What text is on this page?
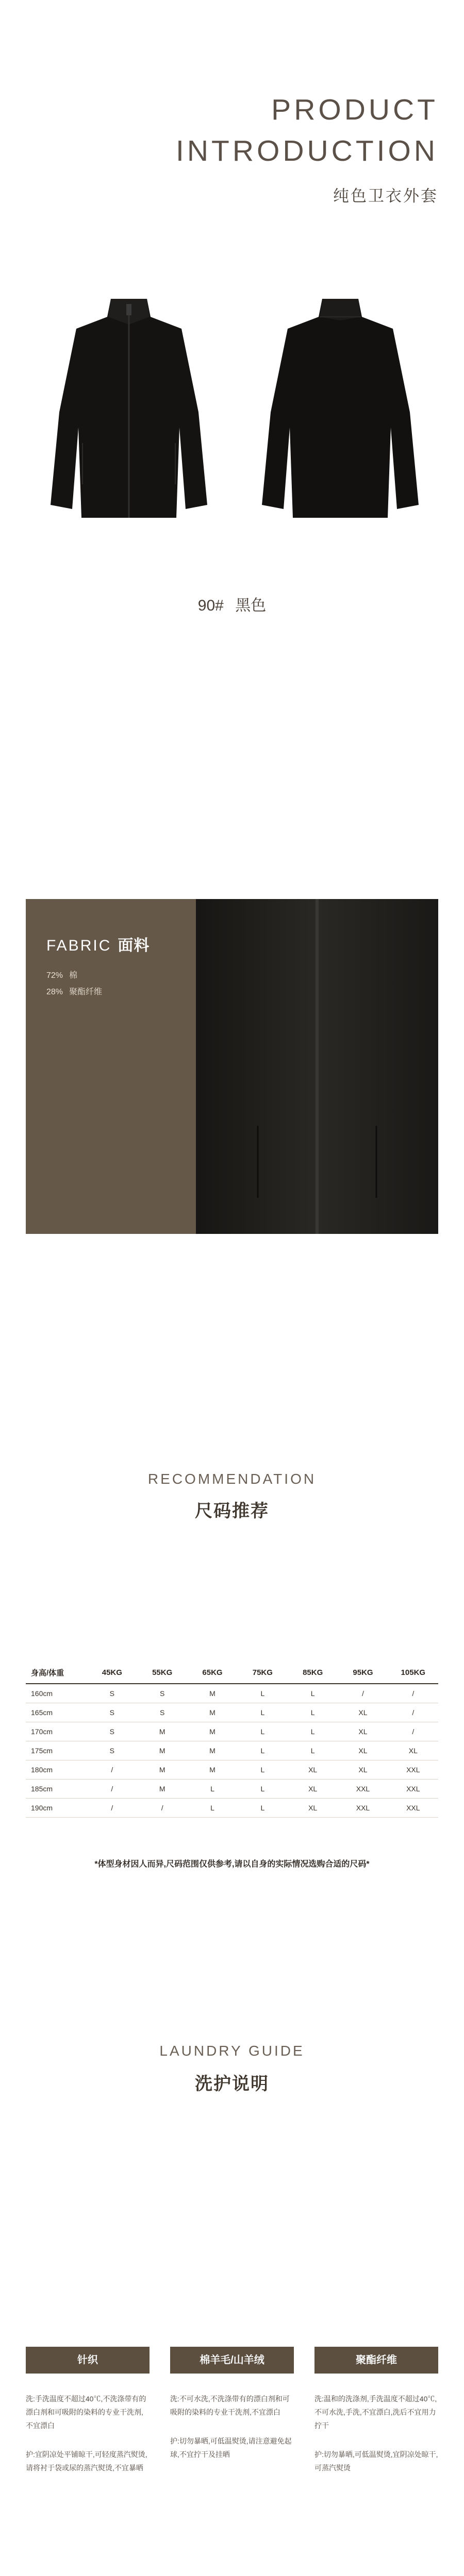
PRODUCT
INTRODUCTION
纯色卫衣外套
90# 黑色
FABRIC 面料
72% 棉
28% 聚酯纤维
RECOMMENDATION
尺码推荐
身高/体重	45KG	55KG	65KG	75KG	85KG	95KG	105KG
160cm	S	S	M	L	L	/	/
165cm	S	S	M	L	L	XL	/
170cm	S	M	M	L	L	XL	/
175cm	S	M	M	L	L	XL	XL
180cm	/	M	M	L	XL	XL	XXL
185cm	/	M	L	L	XL	XXL	XXL
190cm	/	/	L	L	XL	XXL	XXL
*体型身材因人而异,尺码范围仅供参考,请以自身的实际情况选购合适的尺码*
LAUNDRY GUIDE
洗护说明
针织

洗:手洗温度不超过40℃,不洗涤带有的漂白剂和可吸附的染料的专业干洗剂,不宜漂白

护:宜阴凉处平铺晾干,可轻度蒸汽熨烫,请将衬于袋或尿的蒸汽熨烫,不宜暴晒

棉羊毛/山羊绒

洗:不可水洗,不洗涤带有的漂白剂和可吸附的染料的专业干洗剂,不宜漂白

护:切勿暴晒,可低温熨烫,请注意避免起球,不宜拧干及挂晒

聚酯纤维

洗:温和的洗涤剂,手洗温度不超过40℃,不可水洗,手洗,不宜漂白,洗后不宜用力拧干

护:切勿暴晒,可低温熨烫,宜阴凉处晾干,可蒸汽熨烫
